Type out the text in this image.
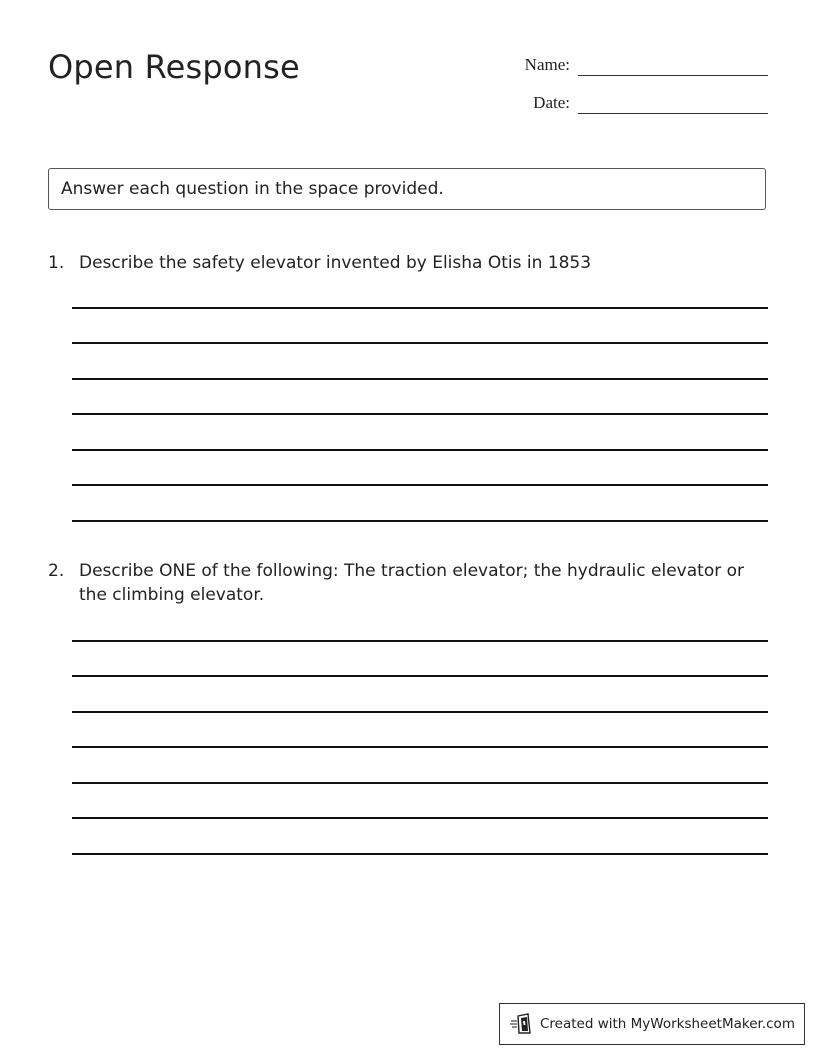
Open Response	Name:
Date:
Answer each question in the space provided.
1. Describe the safety elevator invented by Elisha Otis in 1853
2. Describe ONE of the following: The traction elevator; the hydraulic elevator or the climbing elevator.
Created with MyWorksheetMaker.com
